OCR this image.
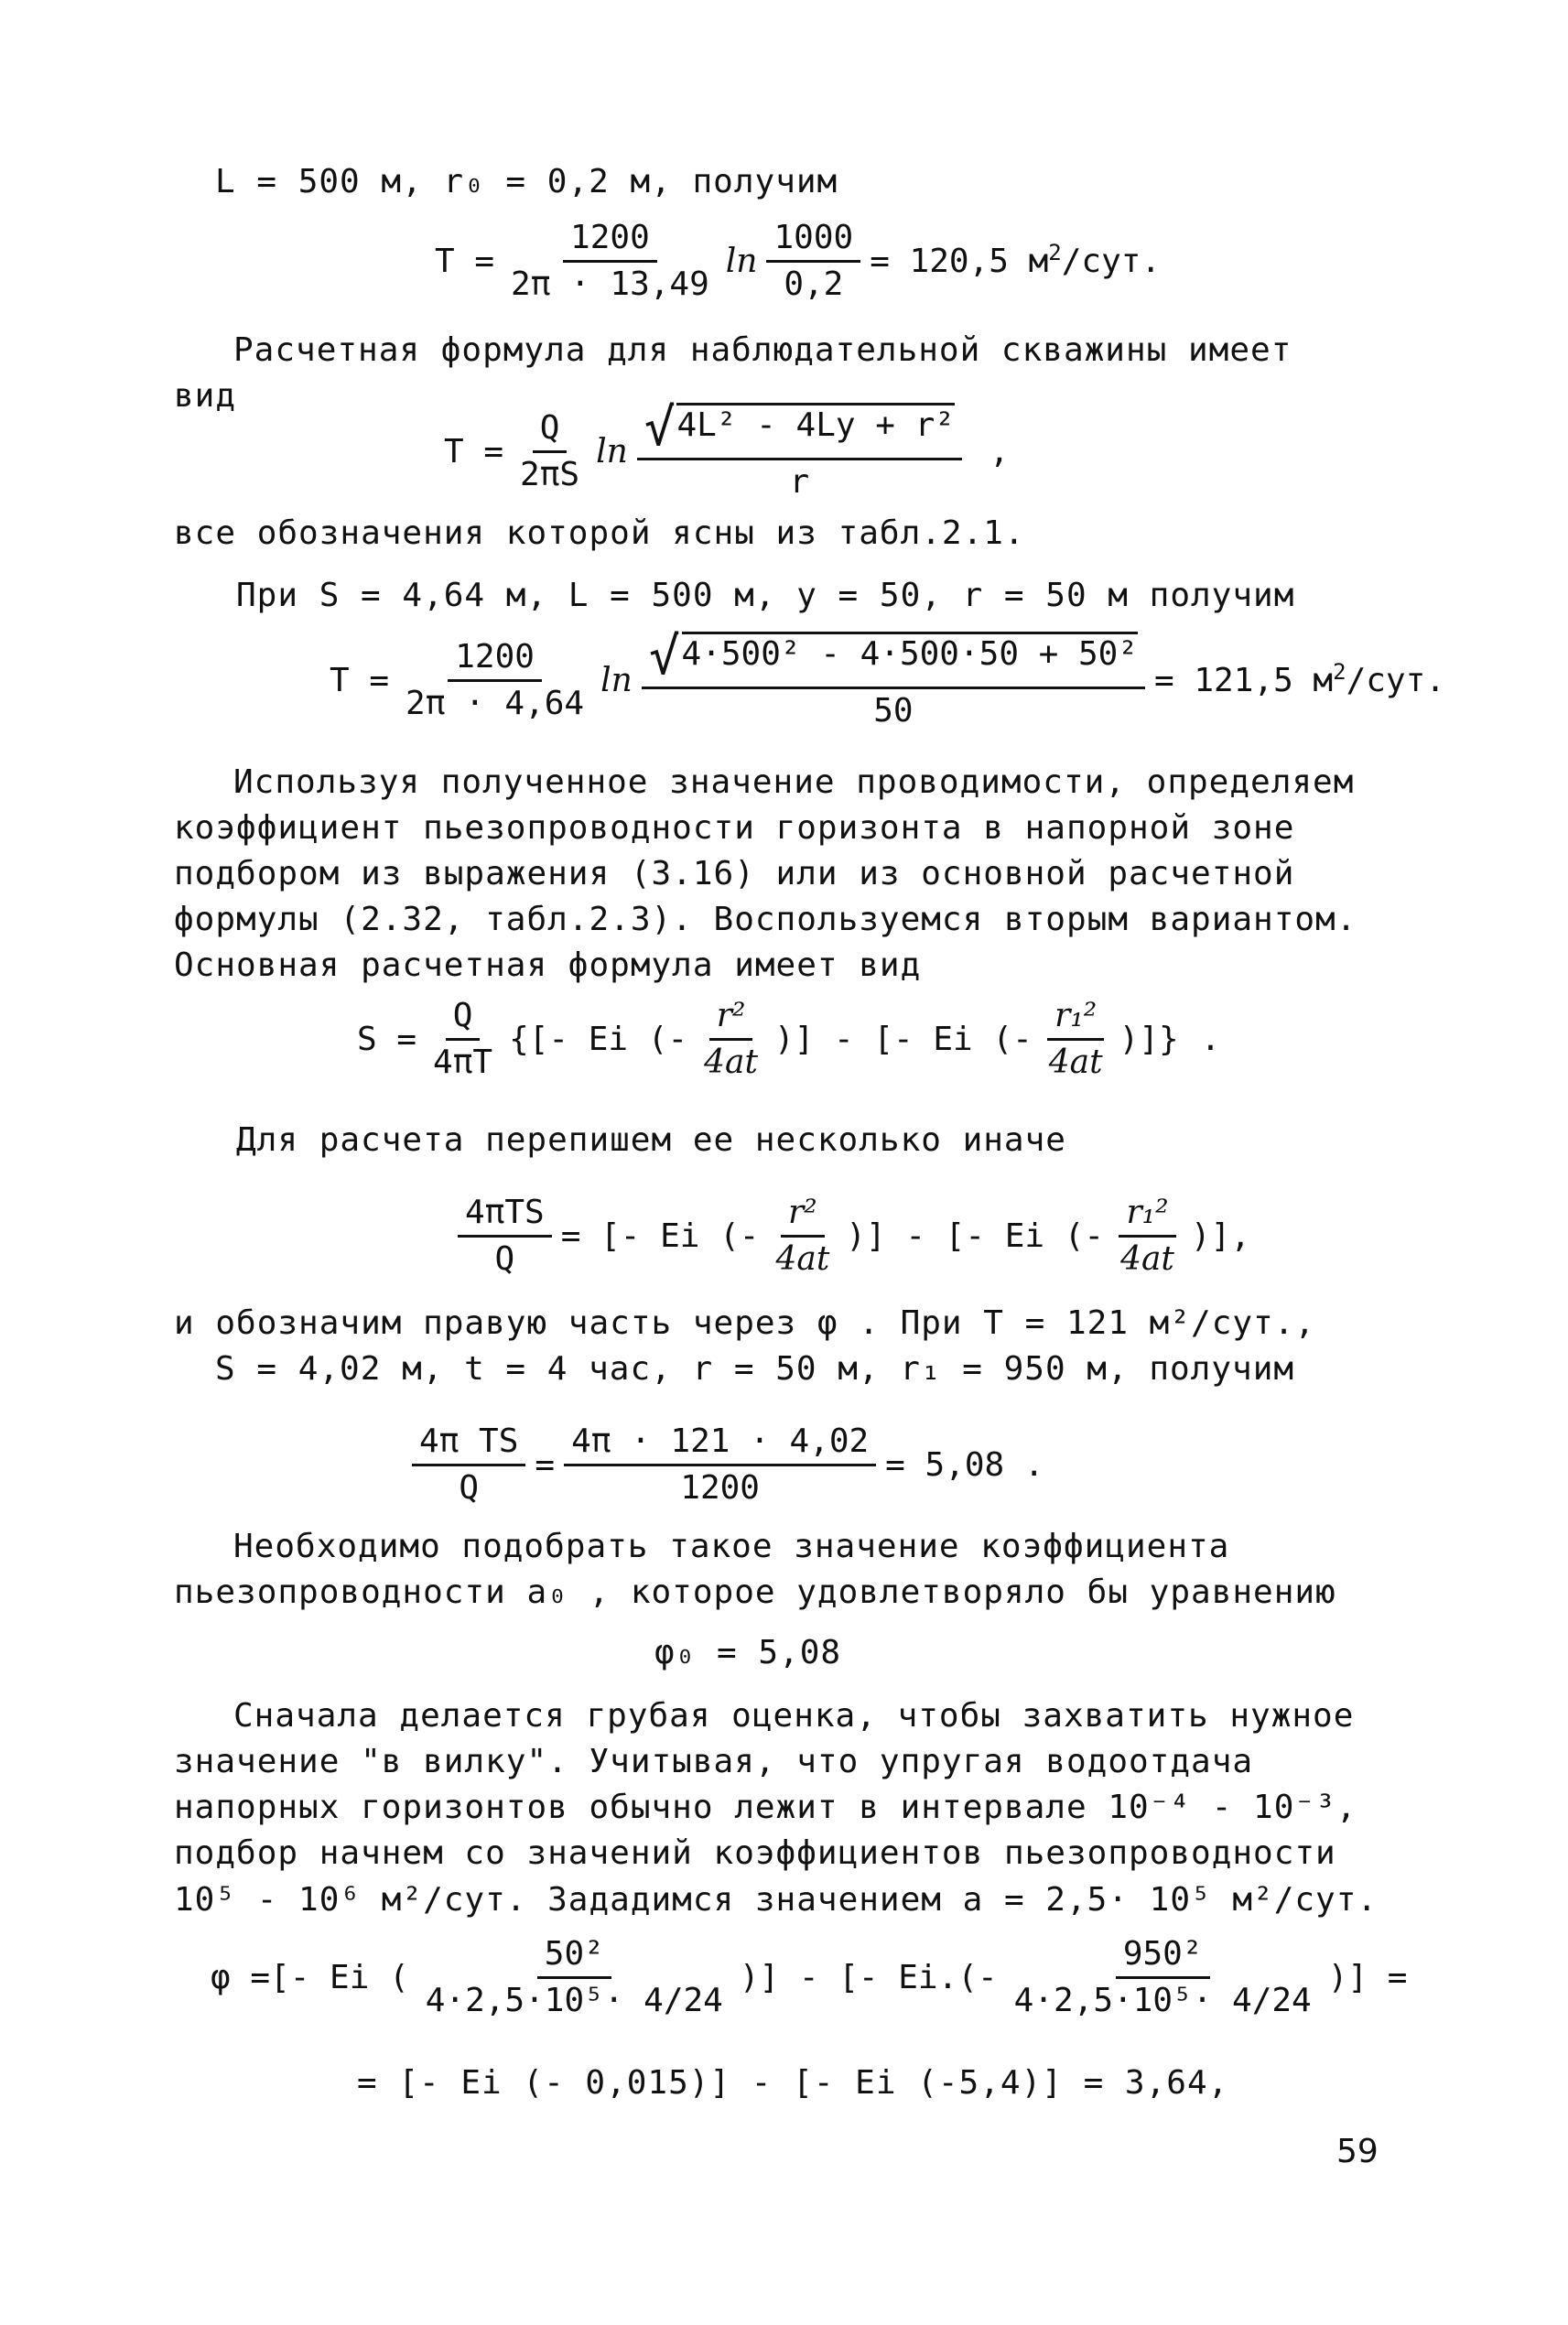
L = 500 м, r₀ = 0,2 м, получим
$T = \frac{1200}{2\pi \cdot 13,49}$ $\ln \frac{1000}{0,2} = 120,5$ $м^2$/сут.
Расчетная формула для наблюдательной скважины имеет вид
$T = \frac{Q}{2\pi S}$ $\ln \frac{\text{√ 4L² - 4Ly + r²}}{r}$ ,
все обозначения которой ясны из табл.2.1.
При S = 4,64 м, L = 500 м, y = 50, r = 50 м получим
$T = \frac{1200}{2\pi \cdot 4,64}$ $\ln \frac{\text{√ 4·500² - 4·500·50 + 50²}}{50} = 121,5$ $м^2$/сут.
Используя полученное значение проводимости, определяем коэффициент пьезопроводности горизонта в напорной зоне подбором из выражения (3.16) или из основной расчетной формулы (2.32, табл.2.3). Воспользуемся вторым вариантом. Основная расчетная формула имеет вид
$S = \frac{Q}{4\pi T}$ {[- Ei (- $\frac{\text{r²}}{4at}$ )] - [- Ei (- $\frac{\text{r₁²}}{4at}$ )]} .
Для расчета перепишем ее несколько иначе
$\frac{\text{4πTS}}{Q}$ = [- Ei (- $\frac{\text{r²}}{4at}$ )] - [- Ei (- $\frac{\text{r₁²}}{4at}$ )],
и обозначим правую часть через φ . При T = 121 м²/сут.,
S = 4,02 м, t = 4 час, r = 50 м, r₁ = 950 м, получим
$\frac{\text{4π TS}}{Q} = \frac{4\pi \cdot 121 \cdot 4,02}{1200} = 5,08$ .
Необходимо подобрать такое значение коэффициента пьезопроводности a₀ , которое удовлетворяло бы уравнению
φ₀ = 5,08
Сначала делается грубая оценка, чтобы захватить нужное значение "в вилку". Учитывая, что упругая водоотдача напорных горизонтов обычно лежит в интервале 10⁻⁴ - 10⁻³, подбор начнем со значений коэффициентов пьезопроводности
10⁵ - 10⁶ м²/сут. Зададимся значением a = 2,5· 10⁵ м²/сут.
φ = [- Ei ( $\frac{\text{50²}}{\text{4·2,5·10⁵· 4/24}}$ )] - [- $Ei.(- \frac{\text{950²}}{\text{4·2,5·10⁵· 4/24}}$ )] =
= [- Ei (- 0,015)] - [- Ei (-5,4)] = 3,64,
59
